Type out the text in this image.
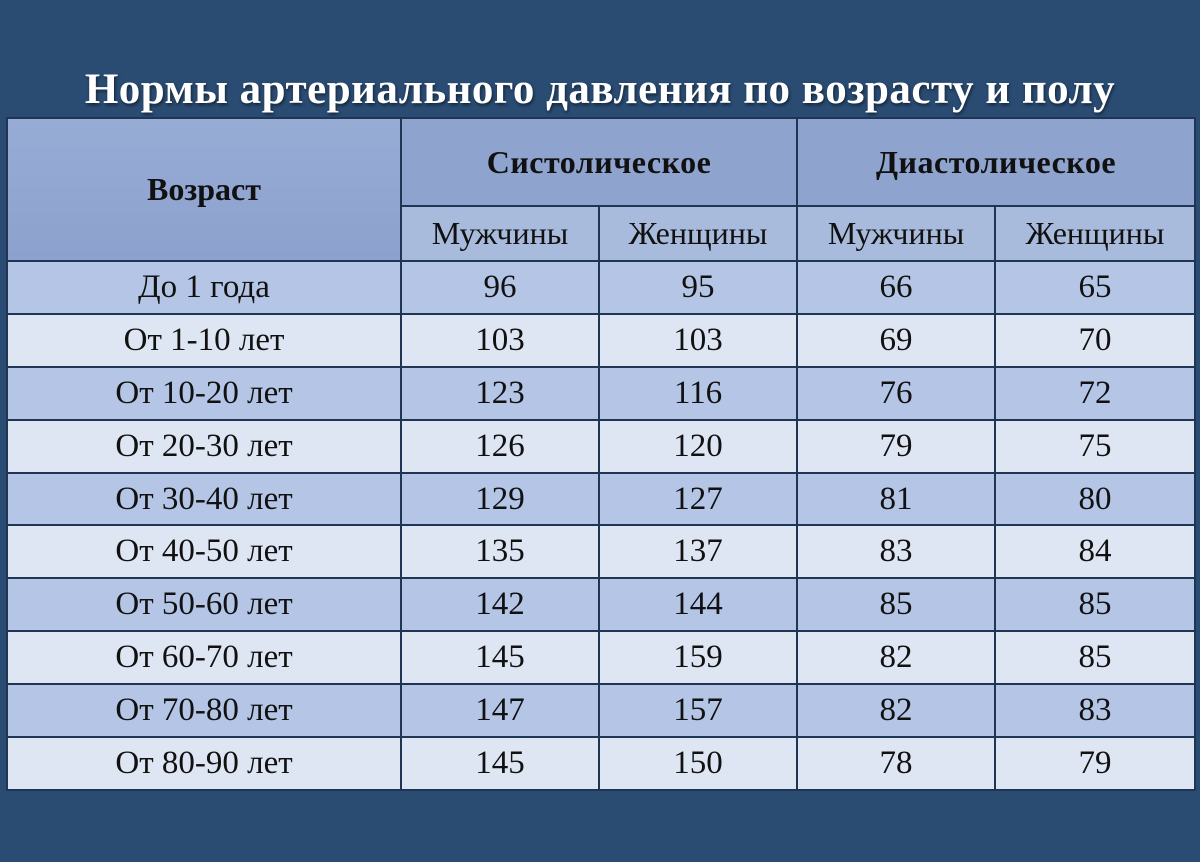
Нормы артериального давления по возрасту и полу
Возраст	Систолическое		Диастолическое	
	Мужчины	Женщины	Мужчины	Женщины
До 1 года	96	95	66	65
От 1-10 лет	103	103	69	70
От 10-20 лет	123	116	76	72
От 20-30 лет	126	120	79	75
От 30-40 лет	129	127	81	80
От 40-50 лет	135	137	83	84
От 50-60 лет	142	144	85	85
От 60-70 лет	145	159	82	85
От 70-80 лет	147	157	82	83
От 80-90 лет	145	150	78	79
